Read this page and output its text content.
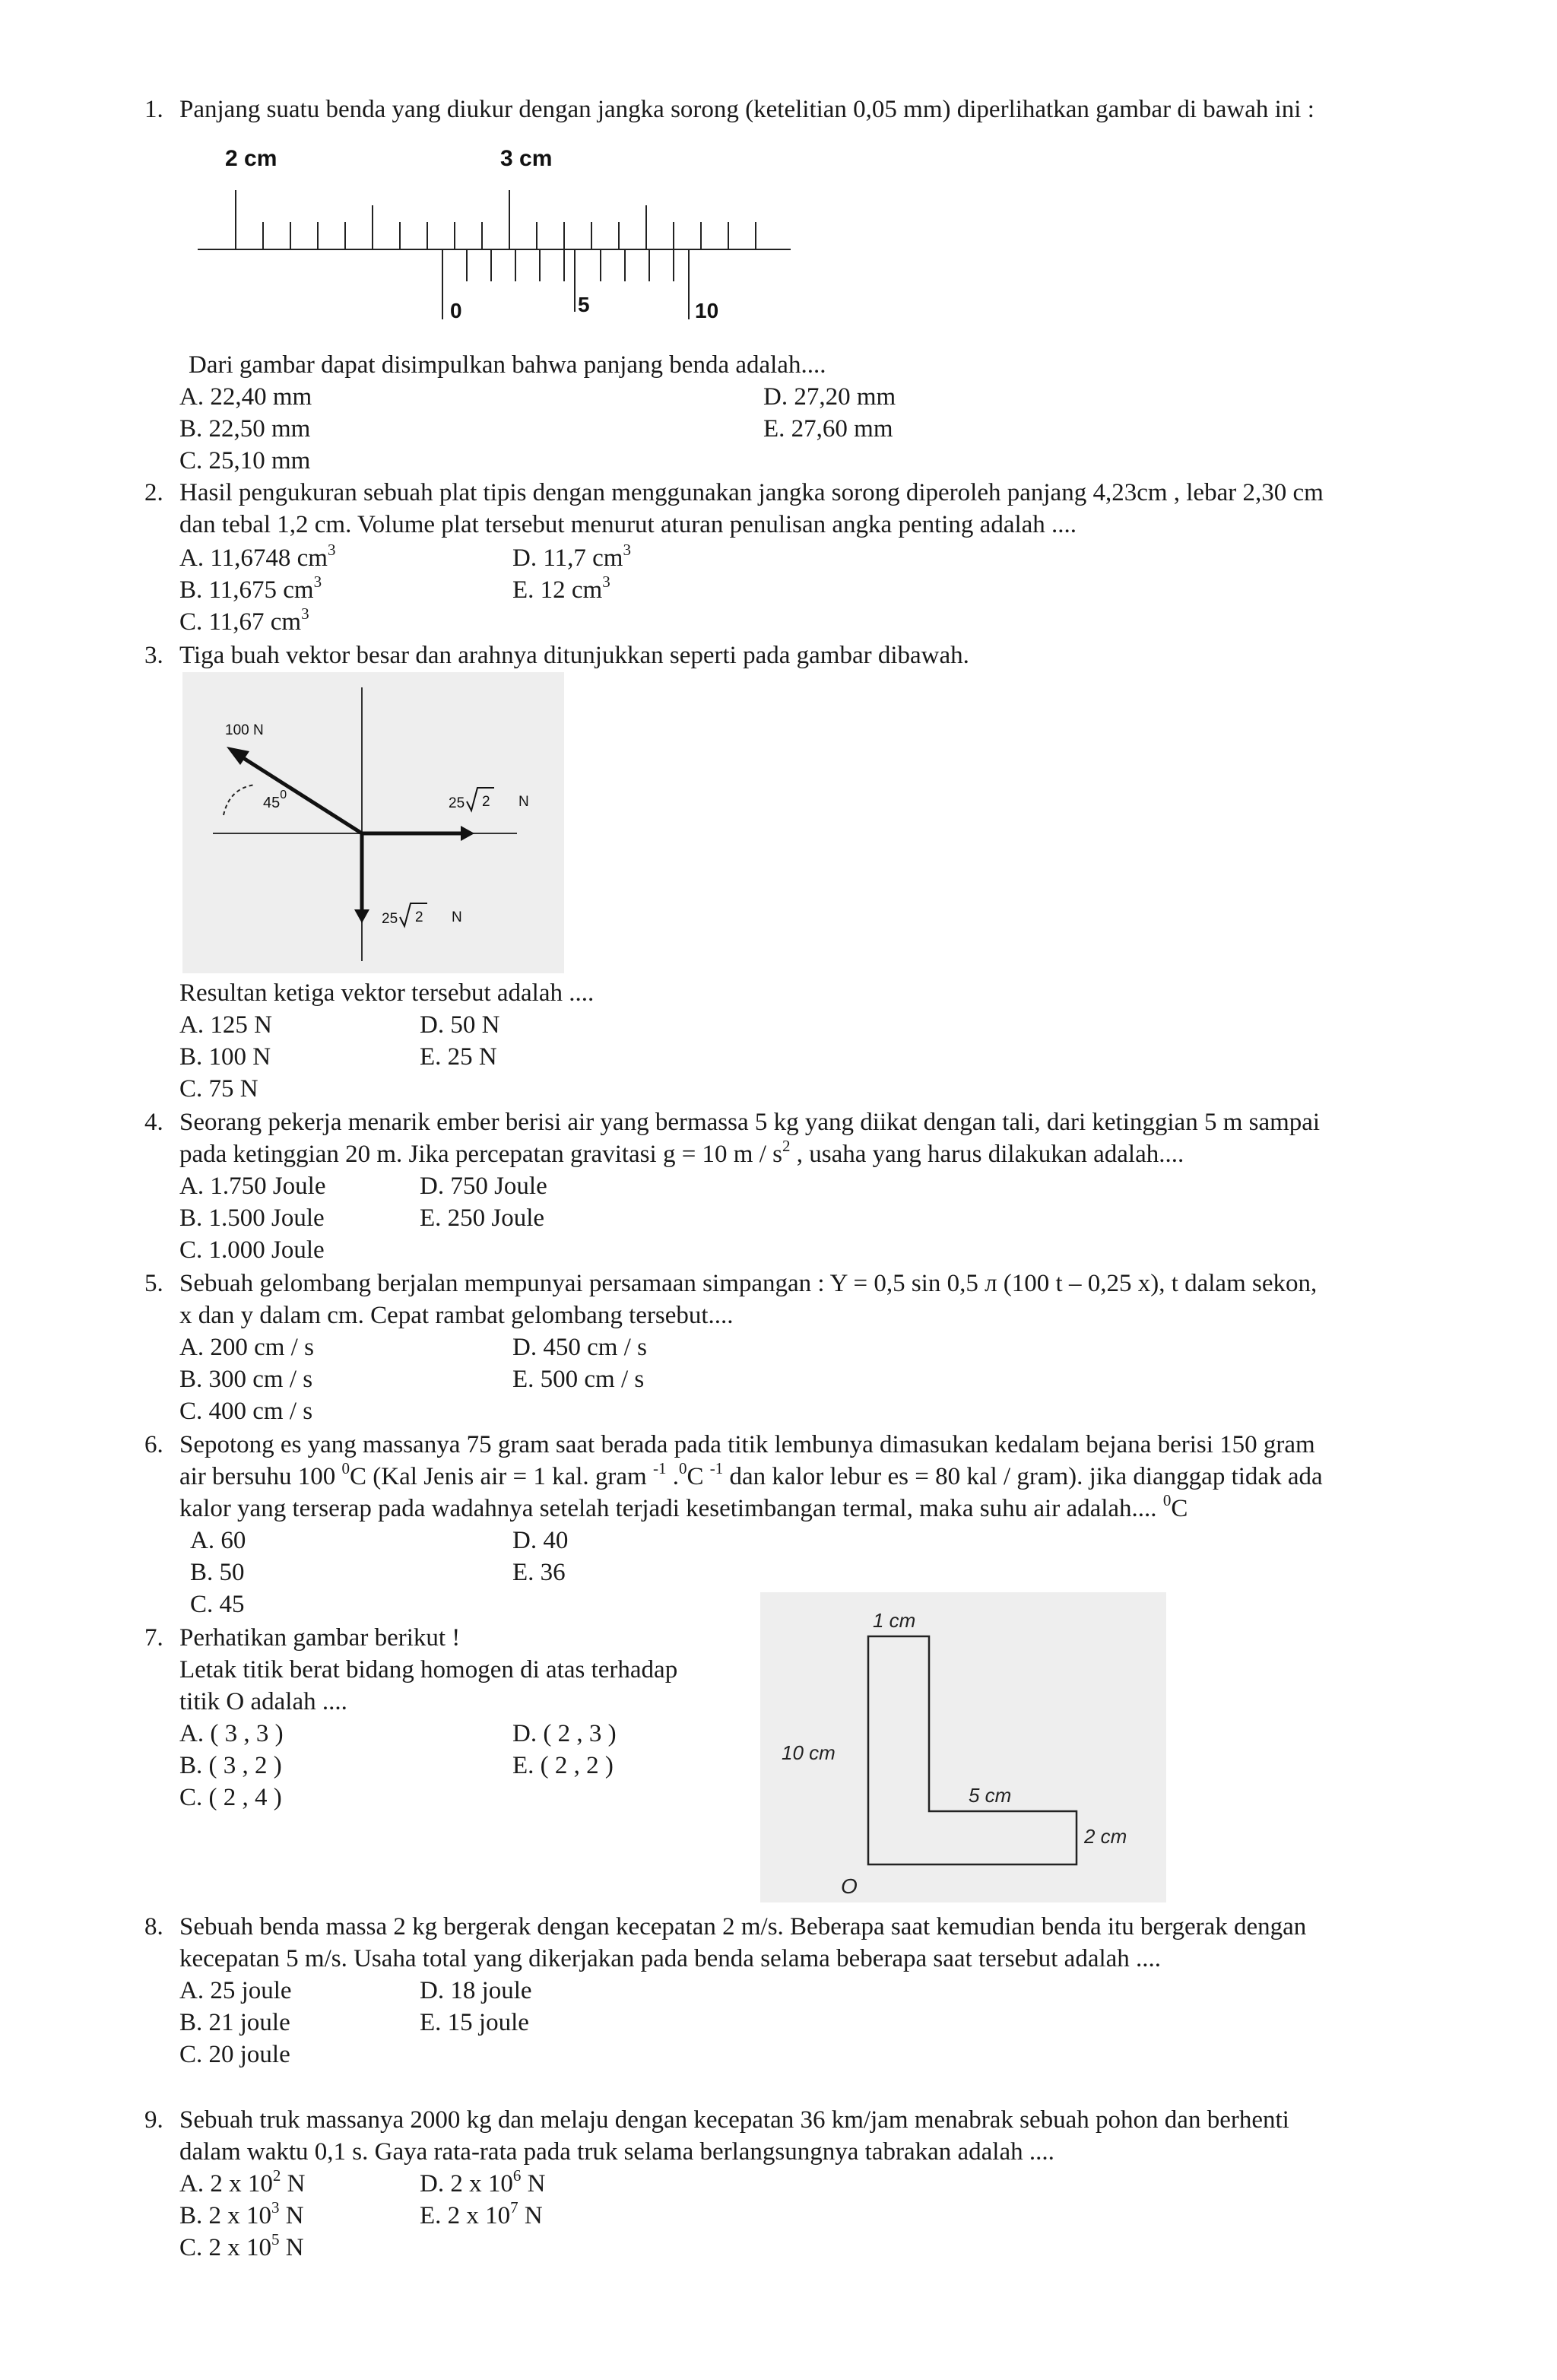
1. Panjang suatu benda yang diukur dengan jangka sorong (ketelitian 0,05 mm) diperlihatkan gambar di bawah ini :
2 cm	3 cm
0	5	10
Dari gambar dapat disimpulkan bahwa panjang benda adalah....
A. 22,40 mm
B. 22,50 mm
C. 25,10 mm
D. 27,20 mm
E. 27,60 mm
2. Hasil pengukuran sebuah plat tipis dengan menggunakan jangka sorong diperoleh panjang 4,23cm , lebar 2,30 cm
dan tebal 1,2 cm. Volume plat tersebut menurut aturan penulisan angka penting adalah ....
A. 11,6748 $cm^3$
B. 11,675 $cm^3$
C. 11,67 $cm^3$
D. 11,7 $cm^3$
E. 12 $cm^3$
3. Tiga buah vektor besar dan arahnya ditunjukkan seperti pada gambar dibawah.
100 N
$45^0$
25 2 N
25 2 N
Resultan ketiga vektor tersebut adalah ....
A. 125 N
B. 100 N
C. 75 N
D. 50 N
E. 25 N
4. Seorang pekerja menarik ember berisi air yang bermassa 5 kg yang diikat dengan tali, dari ketinggian 5 m sampai
pada ketinggian 20 m. Jika percepatan gravitasi g = 10 m / $s^2$ , usaha yang harus dilakukan adalah....
A. 1.750 Joule
B. 1.500 Joule
C. 1.000 Joule
D. 750 Joule
E. 250 Joule
5. Sebuah gelombang berjalan mempunyai persamaan simpangan : Y = 0,5 sin 0,5 л (100 t – 0,25 x), t dalam sekon,
x dan y dalam cm. Cepat rambat gelombang tersebut....
A. 200 cm / s
B. 300 cm / s
C. 400 cm / s
D. 450 cm / s
E. 500 cm / s
6. Sepotong es yang massanya 75 gram saat berada pada titik lembunya dimasukan kedalam bejana berisi 150 gram
air bersuhu 100 $^0$C (Kal Jenis air = 1 kal. gram $^{-1}$ .$^0$C $^{-1}$ dan kalor lebur es = 80 kal / gram). jika dianggap tidak ada
kalor yang terserap pada wadahnya setelah terjadi kesetimbangan termal, maka suhu air adalah.... $^0$C
A. 60
B. 50
C. 45
D. 40
E. 36
7. Perhatikan gambar berikut !
Letak titik berat bidang homogen di atas terhadap
titik O adalah ....
A. ( 3 , 3 )
B. ( 3 , 2 )
C. ( 2 , 4 )
D. ( 2 , 3 )
E. ( 2 , 2 )
1 cm
10 cm
5 cm
2 cm
O
8. Sebuah benda massa 2 kg bergerak dengan kecepatan 2 m/s. Beberapa saat kemudian benda itu bergerak dengan
kecepatan 5 m/s. Usaha total yang dikerjakan pada benda selama beberapa saat tersebut adalah ....
A. 25 joule
B. 21 joule
C. 20 joule
D. 18 joule
E. 15 joule
9. Sebuah truk massanya 2000 kg dan melaju dengan kecepatan 36 km/jam menabrak sebuah pohon dan berhenti
dalam waktu 0,1 s. Gaya rata-rata pada truk selama berlangsungnya tabrakan adalah ....
A. 2 x $10^2$ N
B. 2 x $10^3$ N
C. 2 x $10^5$ N
D. 2 x $10^6$ N
E. 2 x $10^7$ N
